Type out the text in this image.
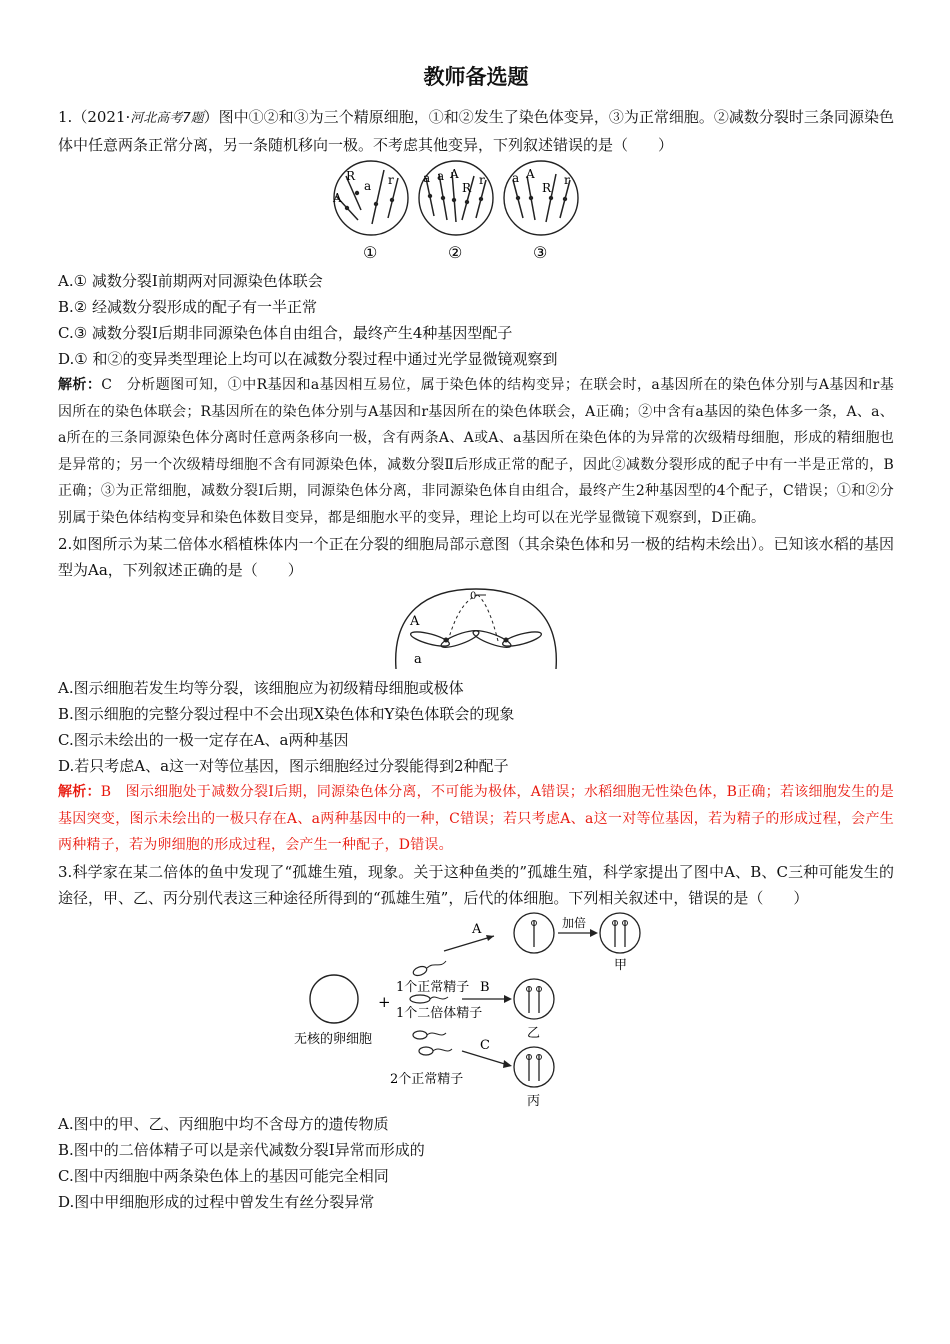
教师备选题

1.（2021·河北高考7题）图中①②和③为三个精原细胞，①和②发生了染色体变异，③为正常细胞。②减数分裂时三条同源染色体中任意两条正常分离，另一条随机移向一极。不考虑其他变异，下列叙述错误的是（　　）

A
R
a r
①
a a A
R
r
②
a A
R
r
③

A.① 减数分裂Ⅰ前期两对同源染色体联会

B.② 经减数分裂形成的配子有一半正常

C.③ 减数分裂Ⅰ后期非同源染色体自由组合，最终产生4种基因型配子

D.① 和②的变异类型理论上均可以在减数分裂过程中通过光学显微镜观察到

解析：C　分析题图可知，①中R基因和a基因相互易位，属于染色体的结构变异；在联会时，a基因所在的染色体分别与A基因和r基因所在的染色体联会；R基因所在的染色体分别与A基因和r基因所在的染色体联会，A正确；②中含有a基因的染色体多一条，A、a、a所在的三条同源染色体分离时任意两条移向一极，含有两条A、A或A、a基因所在染色体的为异常的次级精母细胞，形成的精细胞也是异常的；另一个次级精母细胞不含有同源染色体，减数分裂Ⅱ后形成正常的配子，因此②减数分裂形成的配子中有一半是正常的，B正确；③为正常细胞，减数分裂Ⅰ后期，同源染色体分离，非同源染色体自由组合，最终产生2种基因型的4个配子，C错误；①和②分别属于染色体结构变异和染色体数目变异，都是细胞水平的变异，理论上均可以在光学显微镜下观察到，D正确。

2.如图所示为某二倍体水稻植株体内一个正在分裂的细胞局部示意图（其余染色体和另一极的结构未绘出）。已知该水稻的基因型为Aa，下列叙述正确的是（　　）

0
A
a

A.图示细胞若发生均等分裂，该细胞应为初级精母细胞或极体

B.图示细胞的完整分裂过程中不会出现X染色体和Y染色体联会的现象

C.图示未绘出的一极一定存在A、a两种基因

D.若只考虑A、a这一对等位基因，图示细胞经过分裂能得到2种配子

解析：B　图示细胞处于减数分裂Ⅰ后期，同源染色体分离，不可能为极体，A错误；水稻细胞无性染色体，B正确；若该细胞发生的是基因突变，图示未绘出的一极只存在A、a两种基因中的一种，C错误；若只考虑A、a这一对等位基因，若为精子的形成过程，会产生两种精子，若为卵细胞的形成过程，会产生一种配子，D错误。

3.科学家在某二倍体的鱼中发现了“孤雄生殖，现象。关于这种鱼类的”孤雄生殖，科学家提出了图中A、B、C三种可能发生的途径，甲、乙、丙分别代表这三种途径所得到的“孤雄生殖”，后代的体细胞。下列相关叙述中，错误的是（　　）

无核的卵细胞
+
1个正常精子
1个二倍体精子
2个正常精子
A	加倍
甲
B
乙
C
丙

A.图中的甲、乙、丙细胞中均不含母方的遗传物质

B.图中的二倍体精子可以是亲代减数分裂Ⅰ异常而形成的

C.图中丙细胞中两条染色体上的基因可能完全相同

D.图中甲细胞形成的过程中曾发生有丝分裂异常
